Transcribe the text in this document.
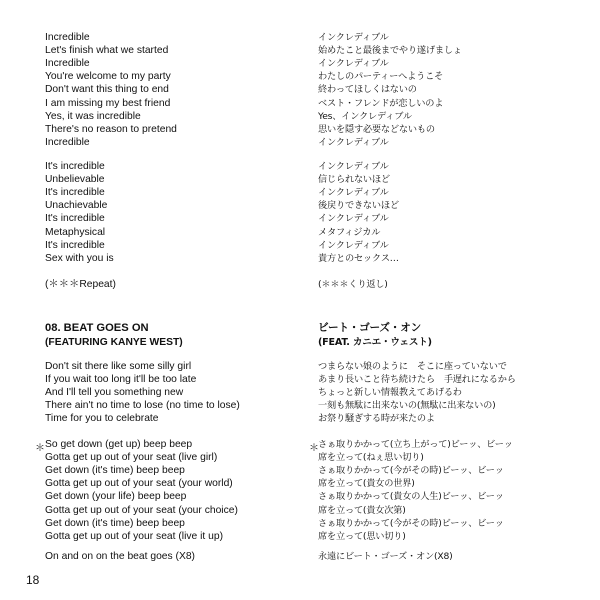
Incredible
Let's finish what we started
Incredible
You're welcome to my party
Don't want this thing to end
I am missing my best friend
Yes, it was incredible
There's no reason to pretend
Incredible
It's incredible
Unbelievable
It's incredible
Unachievable
It's incredible
Metaphysical
It's incredible
Sex with you is
Don't sit there like some silly girl
If you wait too long it'll be too late
And I'll tell you something new
There ain't no time to lose (no time to lose)
Time for you to celebrate
So get down (get up) beep beep
Gotta get up out of your seat (live girl)
Get down (it's time) beep beep
Gotta get up out of your seat (your world)
Get down (your life) beep beep
Gotta get up out of your seat (your choice)
Get down (it's time) beep beep
Gotta get up out of your seat (live it up)
(＊＊＊Repeat)
08. BEAT GOES ON
(FEATURING KANYE WEST)
On and on on the beat goes (X8)
＊
インクレディブル
始めたこと最後までやり遂げましょ
インクレディブル
わたしのパーティーへようこそ
終わってほしくはないの
ベスト・フレンドが恋しいのよ
Yes、インクレディブル
思いを隠す必要などないもの
インクレディブル
インクレディブル
信じられないほど
インクレディブル
後戻りできないほど
インクレディブル
メタフィジカル
インクレディブル
貴方とのセックス…
つまらない娘のように　そこに座っていないで
あまり長いこと待ち続けたら　手遅れになるから
ちょっと新しい情報教えてあげるわ
一刻も無駄に出来ないの(無駄に出来ないの)
お祭り騒ぎする時が来たのよ
さぁ取りかかって(立ち上がって)ビーッ、ビーッ
席を立って(ねぇ思い切り)
さぁ取りかかって(今がその時)ビーッ、ビーッ
席を立って(貴女の世界)
さぁ取りかかって(貴女の人生)ビーッ、ビーッ
席を立って(貴女次第)
さぁ取りかかって(今がその時)ビーッ、ビーッ
席を立って(思い切り)
(＊＊＊くり返し)
ビート・ゴーズ・オン
(FEAT. カニエ・ウェスト)
永遠にビート・ゴーズ・オン(X8)
＊
18
